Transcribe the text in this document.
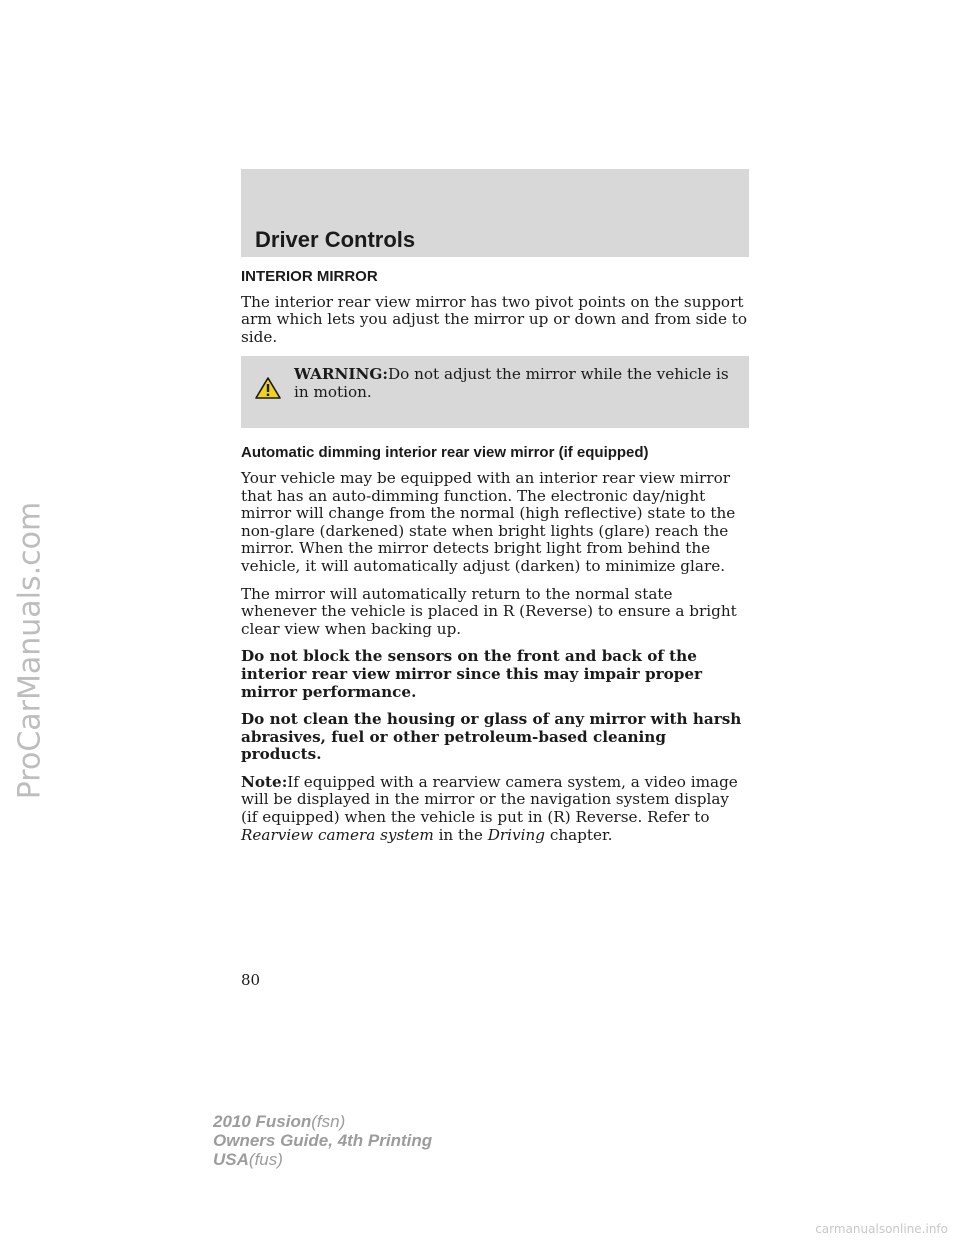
ProCarManuals.com
Driver Controls
INTERIOR MIRROR

The interior rear view mirror has two pivot points on the support arm which lets you adjust the mirror up or down and from side to side.

WARNING:Do not adjust the mirror while the vehicle is in motion.
Automatic dimming interior rear view mirror (if equipped)

Your vehicle may be equipped with an interior rear view mirror that has an auto-dimming function. The electronic day/night mirror will change from the normal (high reflective) state to the non-glare (darkened) state when bright lights (glare) reach the mirror. When the mirror detects bright light from behind the vehicle, it will automatically adjust (darken) to minimize glare.

The mirror will automatically return to the normal state whenever the vehicle is placed in R (Reverse) to ensure a bright clear view when backing up.

Do not block the sensors on the front and back of the interior rear view mirror since this may impair proper mirror performance.

Do not clean the housing or glass of any mirror with harsh abrasives, fuel or other petroleum-based cleaning products.

Note:If equipped with a rearview camera system, a video image will be displayed in the mirror or the navigation system display (if equipped) when the vehicle is put in (R) Reverse. Refer to Rearview camera system in the Driving chapter.

80
2010 Fusion(fsn)
Owners Guide, 4th Printing
USA(fus)
carmanualsonline.info
